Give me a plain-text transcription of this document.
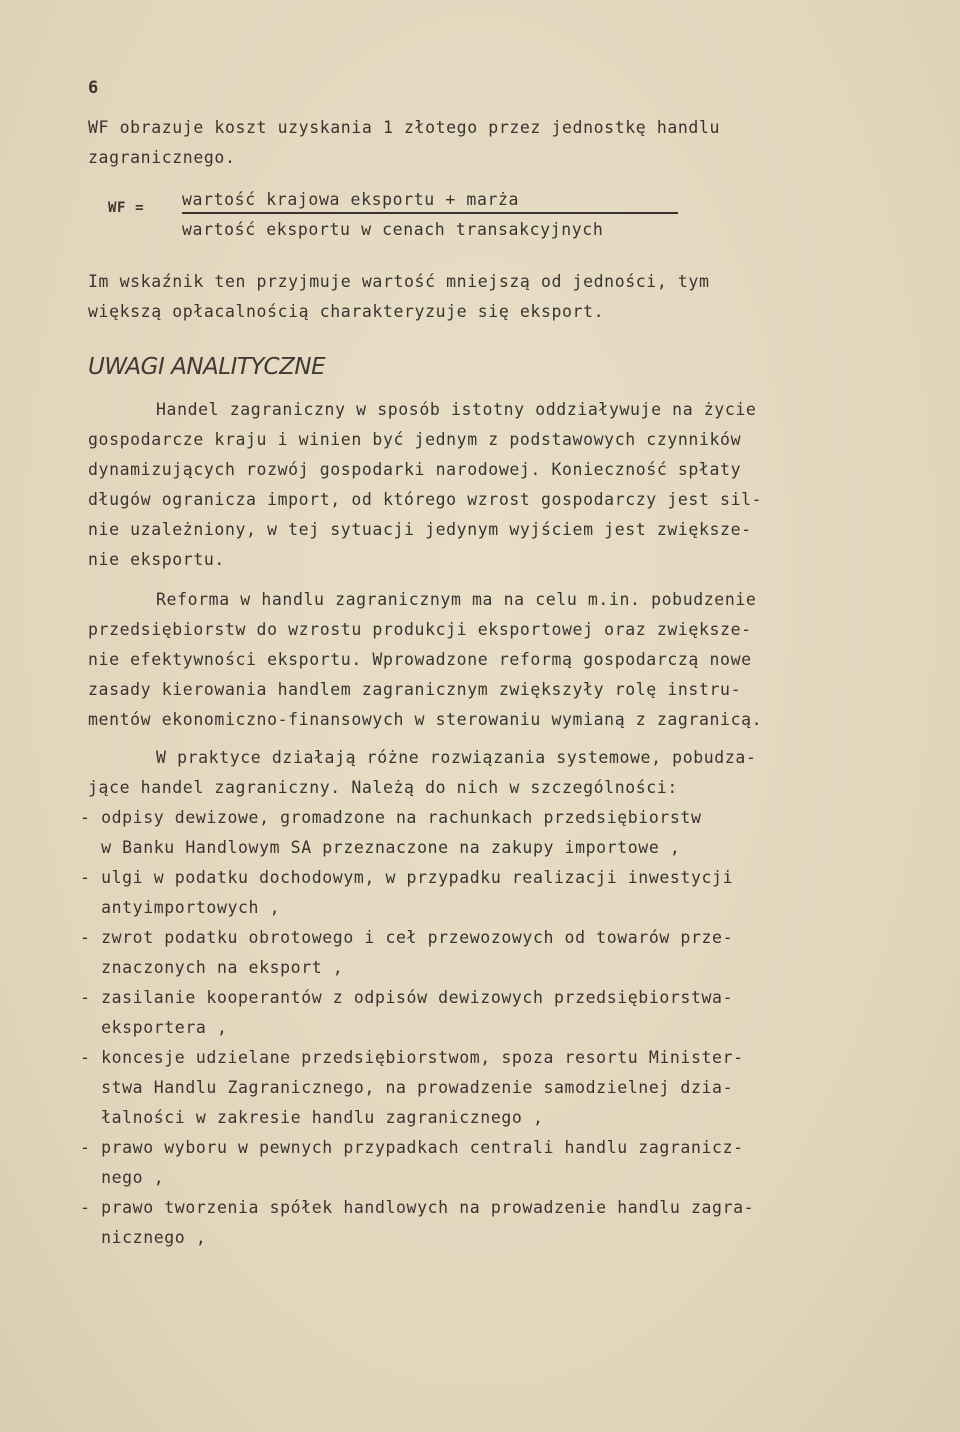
6
WF obrazuje koszt uzyskania 1 złotego przez jednostkę handlu
zagranicznego.
WF = wartość krajowa eksportu + marża
wartość eksportu w cenach transakcyjnych
Im wskaźnik ten przyjmuje wartość mniejszą od jedności, tym
większą opłacalnością charakteryzuje się eksport.
UWAGI ANALITYCZNE
Handel zagraniczny w sposób istotny oddziaływuje na życie
gospodarcze kraju i winien być jednym z podstawowych czynników
dynamizujących rozwój gospodarki narodowej. Konieczność spłaty
długów ogranicza import, od którego wzrost gospodarczy jest sil-
nie uzależniony, w tej sytuacji jedynym wyjściem jest zwiększe-
nie eksportu.
Reforma w handlu zagranicznym ma na celu m.in. pobudzenie
przedsiębiorstw do wzrostu produkcji eksportowej oraz zwiększe-
nie efektywności eksportu. Wprowadzone reformą gospodarczą nowe
zasady kierowania handlem zagranicznym zwiększyły rolę instru-
mentów ekonomiczno-finansowych w sterowaniu wymianą z zagranicą.
W praktyce działają różne rozwiązania systemowe, pobudza-
jące handel zagraniczny. Należą do nich w szczególności:
- odpisy dewizowe, gromadzone na rachunkach przedsiębiorstw
w Banku Handlowym SA przeznaczone na zakupy importowe ,
- ulgi w podatku dochodowym, w przypadku realizacji inwestycji
antyimportowych ,
- zwrot podatku obrotowego i ceł przewozowych od towarów prze-
znaczonych na eksport ,
- zasilanie kooperantów z odpisów dewizowych przedsiębiorstwa-
eksportera ,
- koncesje udzielane przedsiębiorstwom, spoza resortu Minister-
stwa Handlu Zagranicznego, na prowadzenie samodzielnej dzia-
łalności w zakresie handlu zagranicznego ,
- prawo wyboru w pewnych przypadkach centrali handlu zagranicz-
nego ,
- prawo tworzenia spółek handlowych na prowadzenie handlu zagra-
nicznego ,
